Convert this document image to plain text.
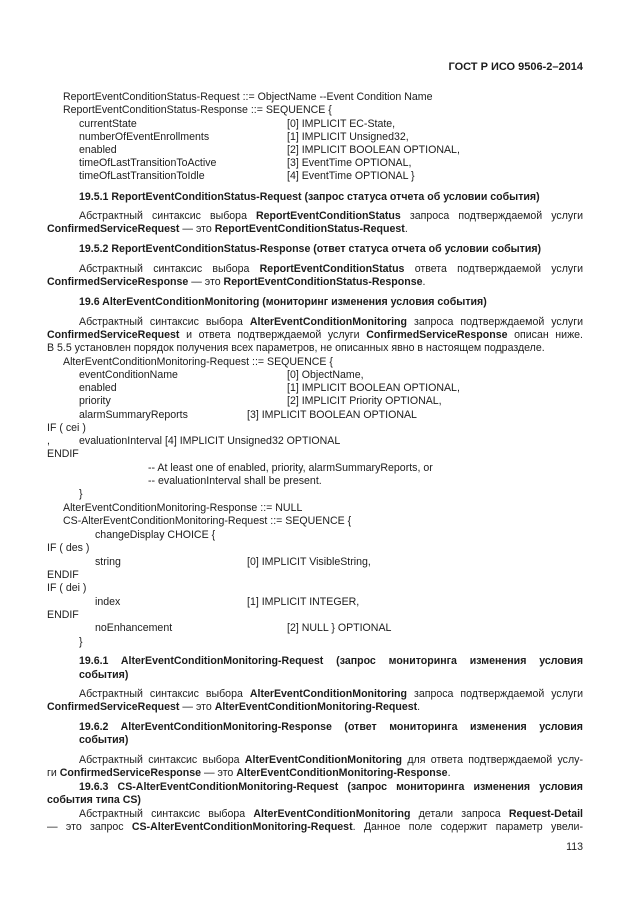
ГОСТ Р ИСО 9506-2–2014
ReportEventConditionStatus-Request ::= ObjectName --Event Condition Name
ReportEventConditionStatus-Response ::= SEQUENCE {
currentState	[0] IMPLICIT EC-State,
numberOfEventEnrollments	[1] IMPLICIT Unsigned32,
enabled	[2] IMPLICIT BOOLEAN OPTIONAL,
timeOfLastTransitionToActive	[3] EventTime OPTIONAL,
timeOfLastTransitionToIdle	[4] EventTime OPTIONAL }
19.5.1 ReportEventConditionStatus-Request (запрос статуса отчета об условии события)
Абстрактный синтаксис выбора ReportEventConditionStatus запроса подтверждаемой услуги
ConfirmedServiceRequest — это ReportEventConditionStatus-Request.
19.5.2 ReportEventConditionStatus-Response (ответ статуса отчета об условии события)
Абстрактный синтаксис выбора ReportEventConditionStatus ответа подтверждаемой услуги
ConfirmedServiceResponse — это ReportEventConditionStatus-Response.
19.6 AlterEventConditionMonitoring (мониторинг изменения условия события)
Абстрактный синтаксис выбора AlterEventConditionMonitoring запроса подтверждаемой услуги
ConfirmedServiceRequest и ответа подтверждаемой услуги ConfirmedServiceResponse описан ниже.
В 5.5 установлен порядок получения всех параметров, не описанных явно в настоящем подразделе.
AlterEventConditionMonitoring-Request ::= SEQUENCE {
eventConditionName	[0] ObjectName,
enabled	[1] IMPLICIT BOOLEAN OPTIONAL,
priority	[2] IMPLICIT Priority OPTIONAL,
alarmSummaryReports	[3] IMPLICIT BOOLEAN OPTIONAL
IF ( cei )
,	evaluationInterval [4] IMPLICIT Unsigned32 OPTIONAL
ENDIF
-- At least one of enabled, priority, alarmSummaryReports, or
-- evaluationInterval shall be present.
}
AlterEventConditionMonitoring-Response ::= NULL
CS-AlterEventConditionMonitoring-Request ::= SEQUENCE {
changeDisplay CHOICE {
IF ( des )
string	[0] IMPLICIT VisibleString,
ENDIF
IF ( dei )
index	[1] IMPLICIT INTEGER,
ENDIF
noEnhancement	[2] NULL } OPTIONAL
}
19.6.1 AlterEventConditionMonitoring-Request (запрос мониторинга изменения условия
события)
Абстрактный синтаксис выбора AlterEventConditionMonitoring запроса подтверждаемой услуги
ConfirmedServiceRequest — это AlterEventConditionMonitoring-Request.
19.6.2 AlterEventConditionMonitoring-Response (ответ мониторинга изменения условия
события)
Абстрактный синтаксис выбора AlterEventConditionMonitoring для ответа подтверждаемой услу-
ги ConfirmedServiceResponse — это AlterEventConditionMonitoring-Response.
19.6.3 CS-AlterEventConditionMonitoring-Request (запрос мониторинга изменения условия
события типа CS)
Абстрактный синтаксис выбора AlterEventConditionMonitoring детали запроса Request-Detail
— это запрос CS-AlterEventConditionMonitoring-Request. Данное поле содержит параметр увели-
113
